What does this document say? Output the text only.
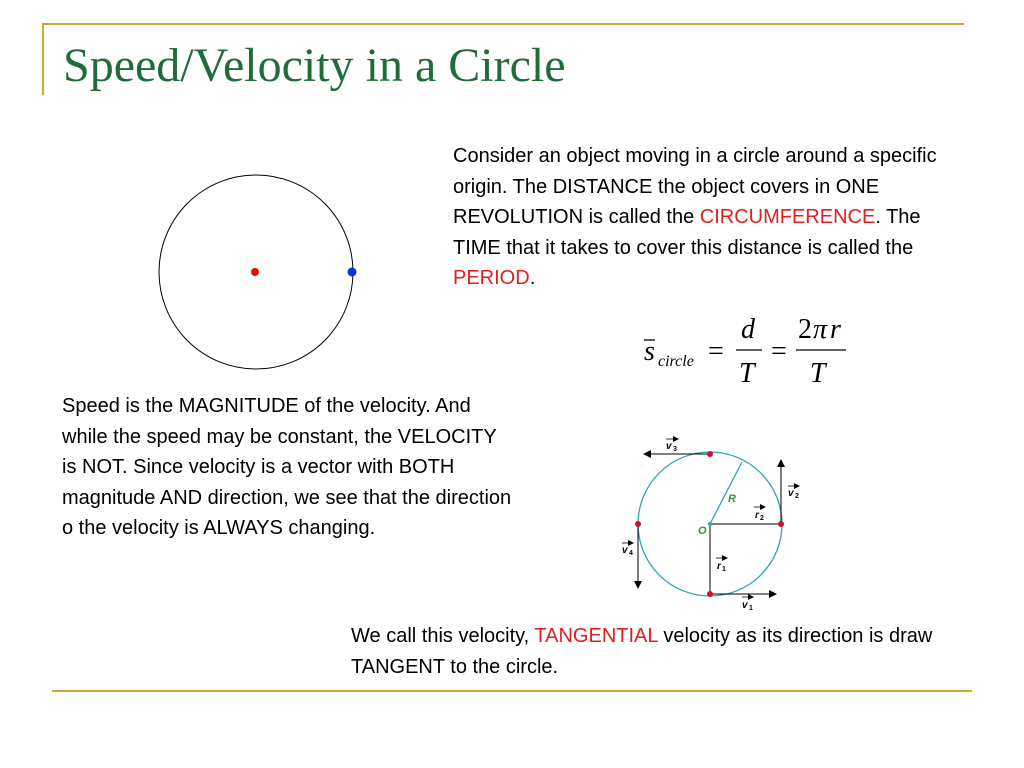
Speed/Velocity in a Circle
Consider an object moving in a circle around a specific origin. The DISTANCE the object covers in ONE REVOLUTION is called the CIRCUMFERENCE. The TIME that it takes to cover this distance is called the PERIOD.
s circle =
d
T
=
2 π r
T
Speed is the MAGNITUDE of the velocity. And while the speed may be constant, the VELOCITY is NOT. Since velocity is a vector with BOTH magnitude AND direction, we see that the direction o the velocity is ALWAYS changing.
v 3
v 2
v 4
v 1
r 2
r 1
R
O
We call this velocity, TANGENTIAL velocity as its direction is draw TANGENT to the circle.
